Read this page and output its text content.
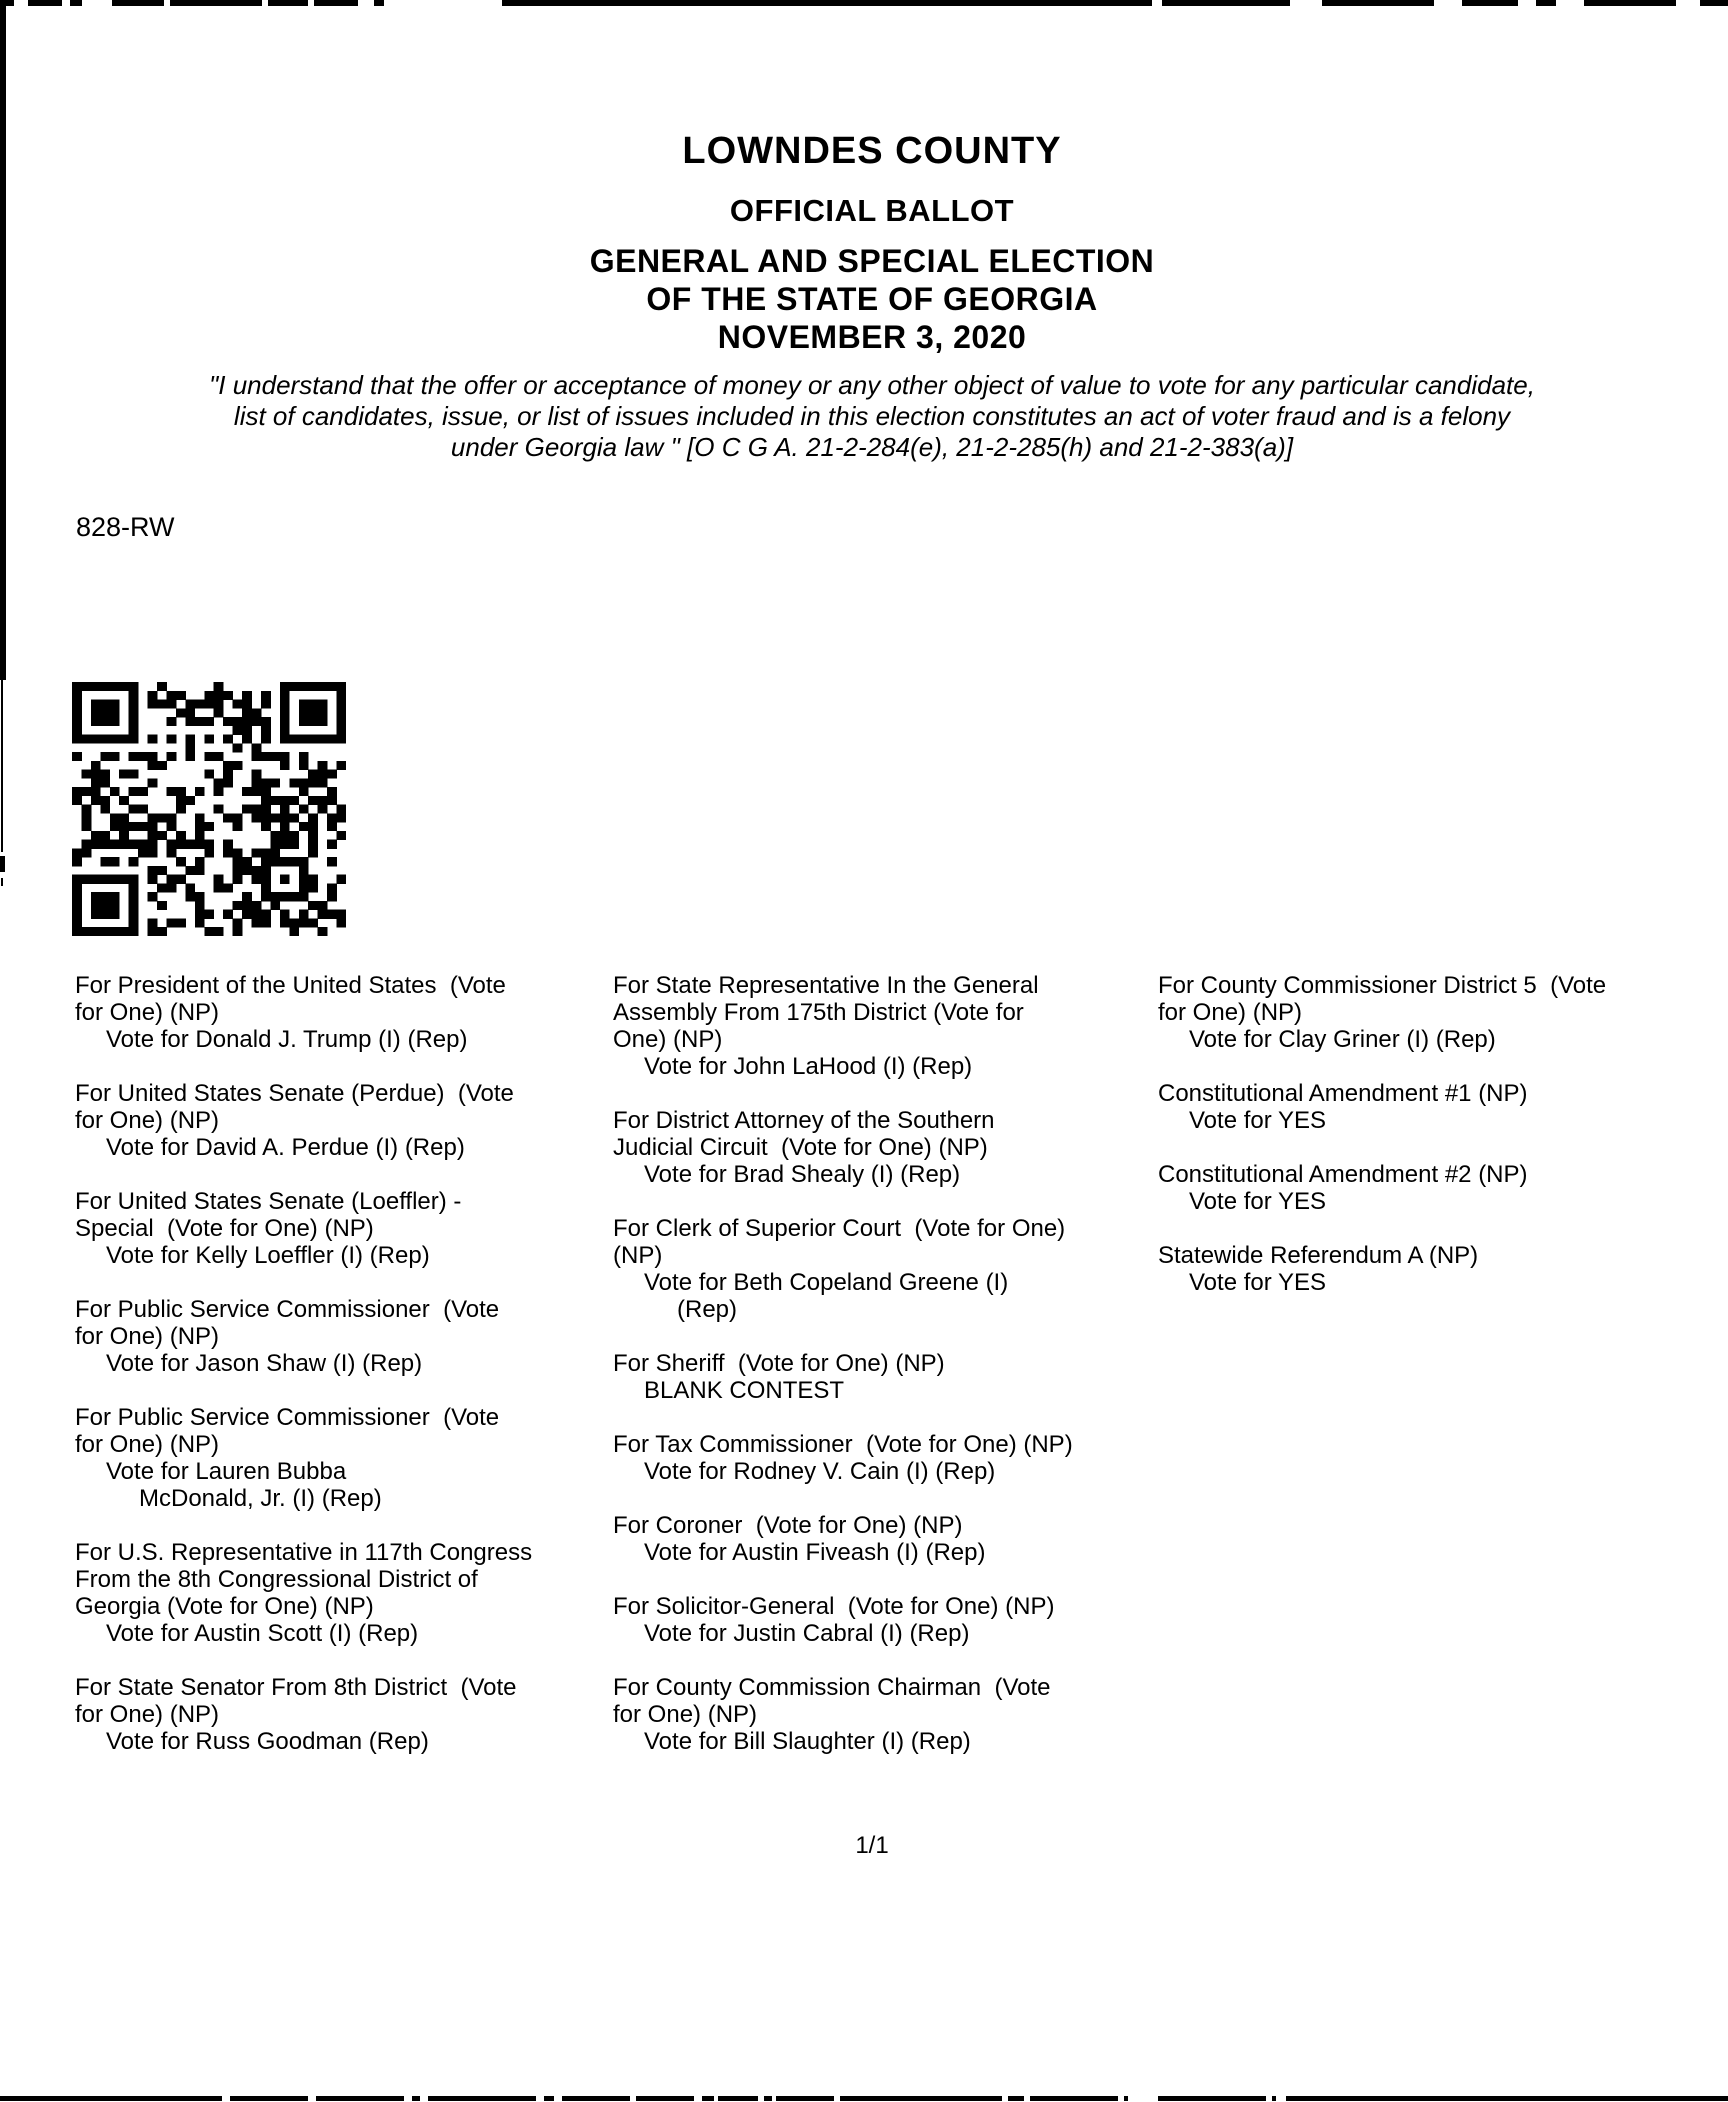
LOWNDES COUNTY
OFFICIAL BALLOT
GENERAL AND SPECIAL ELECTION
OF THE STATE OF GEORGIA
NOVEMBER 3, 2020
"I understand that the offer or acceptance of money or any other object of value to vote for any particular candidate,
list of candidates, issue, or list of issues included in this election constitutes an act of voter fraud and is a felony
under Georgia law " [O C G A. 21-2-284(e), 21-2-285(h) and 21-2-383(a)]
828-RW
For President of the United States  (Vote
for One) (NP)
Vote for Donald J. Trump (I) (Rep)
For United States Senate (Perdue)  (Vote
for One) (NP)
Vote for David A. Perdue (I) (Rep)
For United States Senate (Loeffler) -
Special  (Vote for One) (NP)
Vote for Kelly Loeffler (I) (Rep)
For Public Service Commissioner  (Vote
for One) (NP)
Vote for Jason Shaw (I) (Rep)
For Public Service Commissioner  (Vote
for One) (NP)
Vote for Lauren Bubba
McDonald, Jr. (I) (Rep)
For U.S. Representative in 117th Congress
From the 8th Congressional District of
Georgia (Vote for One) (NP)
Vote for Austin Scott (I) (Rep)
For State Senator From 8th District  (Vote
for One) (NP)
Vote for Russ Goodman (Rep)
For State Representative In the General
Assembly From 175th District (Vote for
One) (NP)
Vote for John LaHood (I) (Rep)
For District Attorney of the Southern
Judicial Circuit  (Vote for One) (NP)
Vote for Brad Shealy (I) (Rep)
For Clerk of Superior Court  (Vote for One)
(NP)
Vote for Beth Copeland Greene (I)
(Rep)
For Sheriff  (Vote for One) (NP)
BLANK CONTEST
For Tax Commissioner  (Vote for One) (NP)
Vote for Rodney V. Cain (I) (Rep)
For Coroner  (Vote for One) (NP)
Vote for Austin Fiveash (I) (Rep)
For Solicitor-General  (Vote for One) (NP)
Vote for Justin Cabral (I) (Rep)
For County Commission Chairman  (Vote
for One) (NP)
Vote for Bill Slaughter (I) (Rep)
For County Commissioner District 5  (Vote
for One) (NP)
Vote for Clay Griner (I) (Rep)
Constitutional Amendment #1 (NP)
Vote for YES
Constitutional Amendment #2 (NP)
Vote for YES
Statewide Referendum A (NP)
Vote for YES
1/1
